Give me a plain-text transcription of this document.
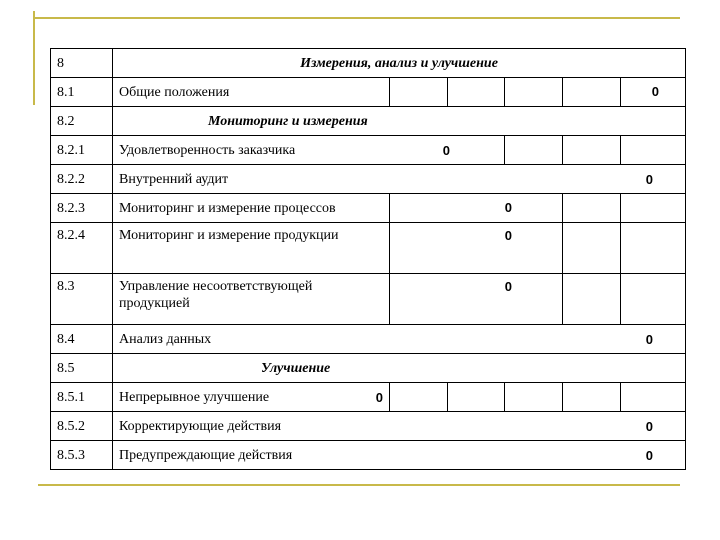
8	Измерения, анализ и улучшение					
8.1	Общие положения					0
8.2	Мониторинг и измерения					
8.2.1	Удовлетворенность заказчика 0					

8.2.2	Внутренний аудит 0					

8.2.3	Мониторинг и измерение процессов	0				
8.2.4	Мониторинг и измерение продукции	0				
8.3	Управление несоответствующей продукцией	0				
8.4	Анализ данных 0					

8.5	Улучшение					
8.5.1	Непрерывное улучшение 0					

8.5.2	Корректирующие действия 0					

8.5.3	Предупреждающие действия 0					
